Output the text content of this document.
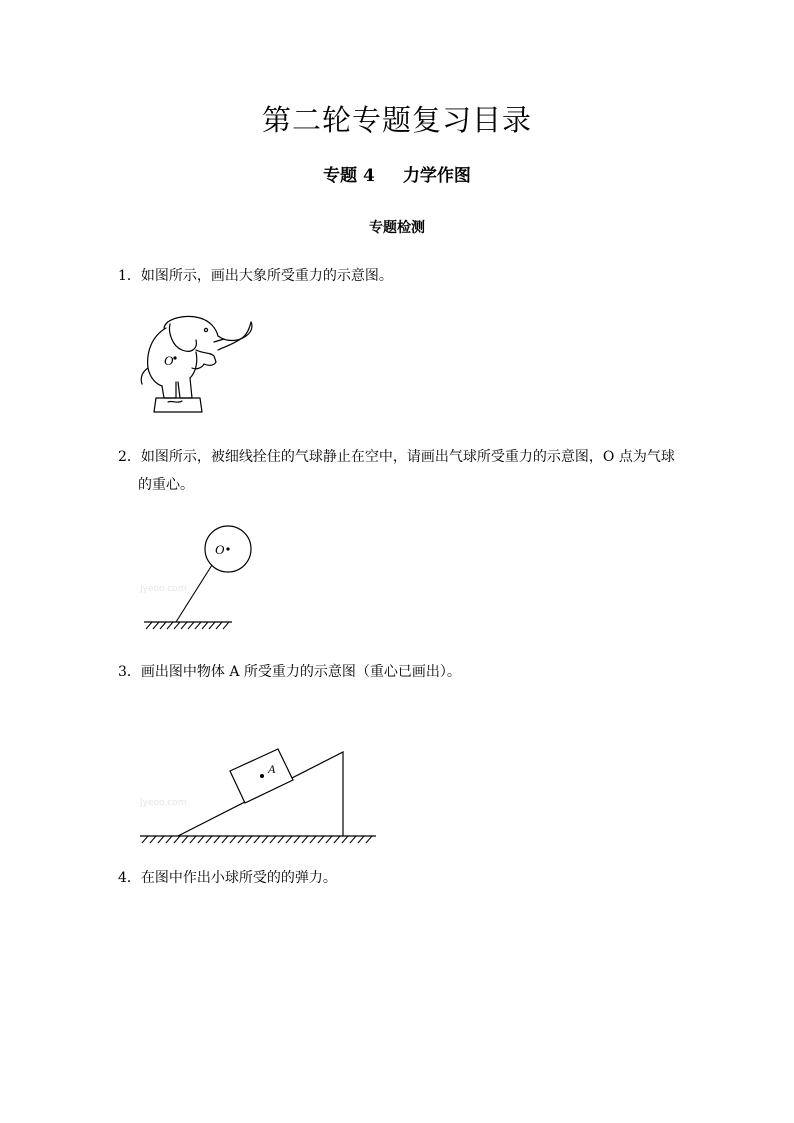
第二轮专题复习目录
专题 4 力学作图
专题检测
1．如图所示，画出大象所受重力的示意图。
O
2．如图所示，被细线拴住的气球静止在空中，请画出气球所受重力的示意图，O 点为气球
的重心。
Jyeoo.com
O
3．画出图中物体 A 所受重力的示意图（重心已画出）。
Jyeoo.com
A
4．在图中作出小球所受的的弹力。
